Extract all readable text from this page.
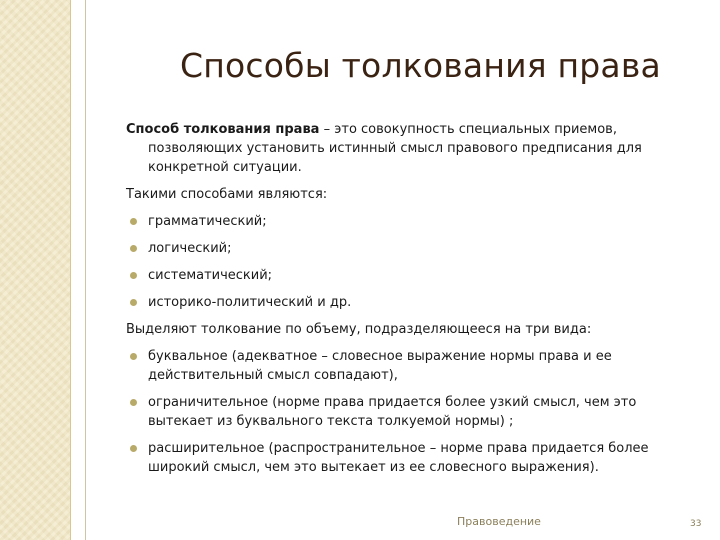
Способы толкования права

Способ толкования права – это совокупность специальных приемов,

позволяющих установить истинный смысл правового предписания для конкретной ситуации.

Такими способами являются:

грамматический;
логический;
систематический;
историко-политический и др.

Выделяют толкование по объему, подразделяющееся на три вида:

буквальное (адекватное – словесное выражение нормы права и ее действительный смысл совпадают),
ограничительное (норме права придается более узкий смысл, чем это вытекает из буквального текста толкуемой нормы) ;
расширительное (распространительное – норме права придается более широкий смысл, чем это вытекает из ее словесного выражения).
Правоведение	33
